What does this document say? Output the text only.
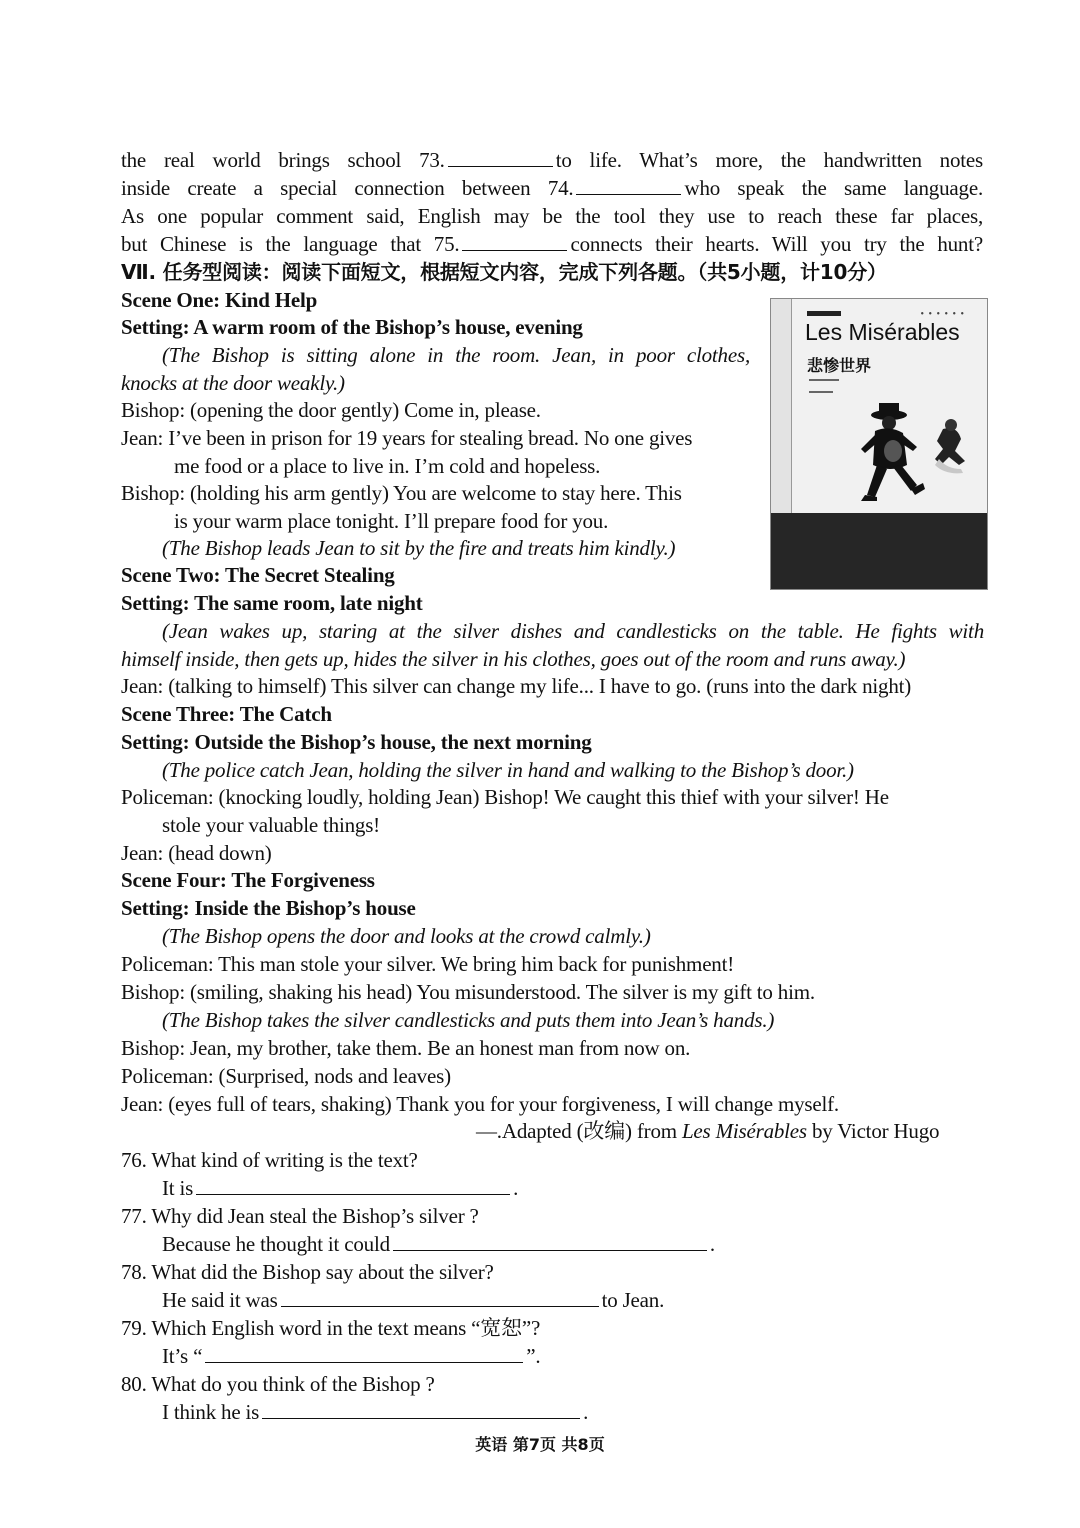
the real world brings school 73.	to life. What’s more, the handwritten notes
inside create a special connection between 74.	who speak the same language.
As one popular comment said, English may be the tool they use to reach these far places,
but Chinese is the language that 75.	connects their hearts. Will you try the hunt?
Ⅶ. 任务型阅读：阅读下面短文，根据短文内容，完成下列各题。（共5小题，计10分）
Scene One: Kind Help
Setting: A warm room of the Bishop’s house, evening
(The Bishop is sitting alone in the room. Jean, in poor clothes,
knocks at the door weakly.)
Bishop: (opening the door gently) Come in, please.
Jean: I’ve been in prison for 19 years for stealing bread. No one gives
me food or a place to live in. I’m cold and hopeless.
Bishop: (holding his arm gently) You are welcome to stay here. This
is your warm place tonight. I’ll prepare food for you.
(The Bishop leads Jean to sit by the fire and treats him kindly.)
Scene Two: The Secret Stealing
Setting: The same room, late night
(Jean wakes up, staring at the silver dishes and candlesticks on the table. He fights with
himself inside, then gets up, hides the silver in his clothes, goes out of the room and runs away.)
Jean: (talking to himself) This silver can change my life... I have to go. (runs into the dark night)
Scene Three: The Catch
Setting: Outside the Bishop’s house, the next morning
(The police catch Jean, holding the silver in hand and walking to the Bishop’s door.)
Policeman: (knocking loudly, holding Jean) Bishop! We caught this thief with your silver! He
stole your valuable things!
Jean: (head down)
Scene Four: The Forgiveness
Setting: Inside the Bishop’s house
(The Bishop opens the door and looks at the crowd calmly.)
Policeman: This man stole your silver. We bring him back for punishment!
Bishop: (smiling, shaking his head) You misunderstood. The silver is my gift to him.
(The Bishop takes the silver candlesticks and puts them into Jean’s hands.)
Bishop: Jean, my brother, take them. Be an honest man from now on.
Policeman: (Surprised, nods and leaves)
Jean: (eyes full of tears, shaking) Thank you for your forgiveness, I will change myself.
—.Adapted (改编) from Les Misérables by Victor Hugo
76. What kind of writing is the text?
It is	.
77. Why did Jean steal the Bishop’s silver ?
Because he thought it could	.
78. What did the Bishop say about the silver?
He said it was	to Jean.
79. Which English word in the text means “宽恕”?
It’s “	”.
80. What do you think of the Bishop ?
I think he is	.
• • • • • •
Les Misérables
悲惨世界
英语 第7页 共8页
